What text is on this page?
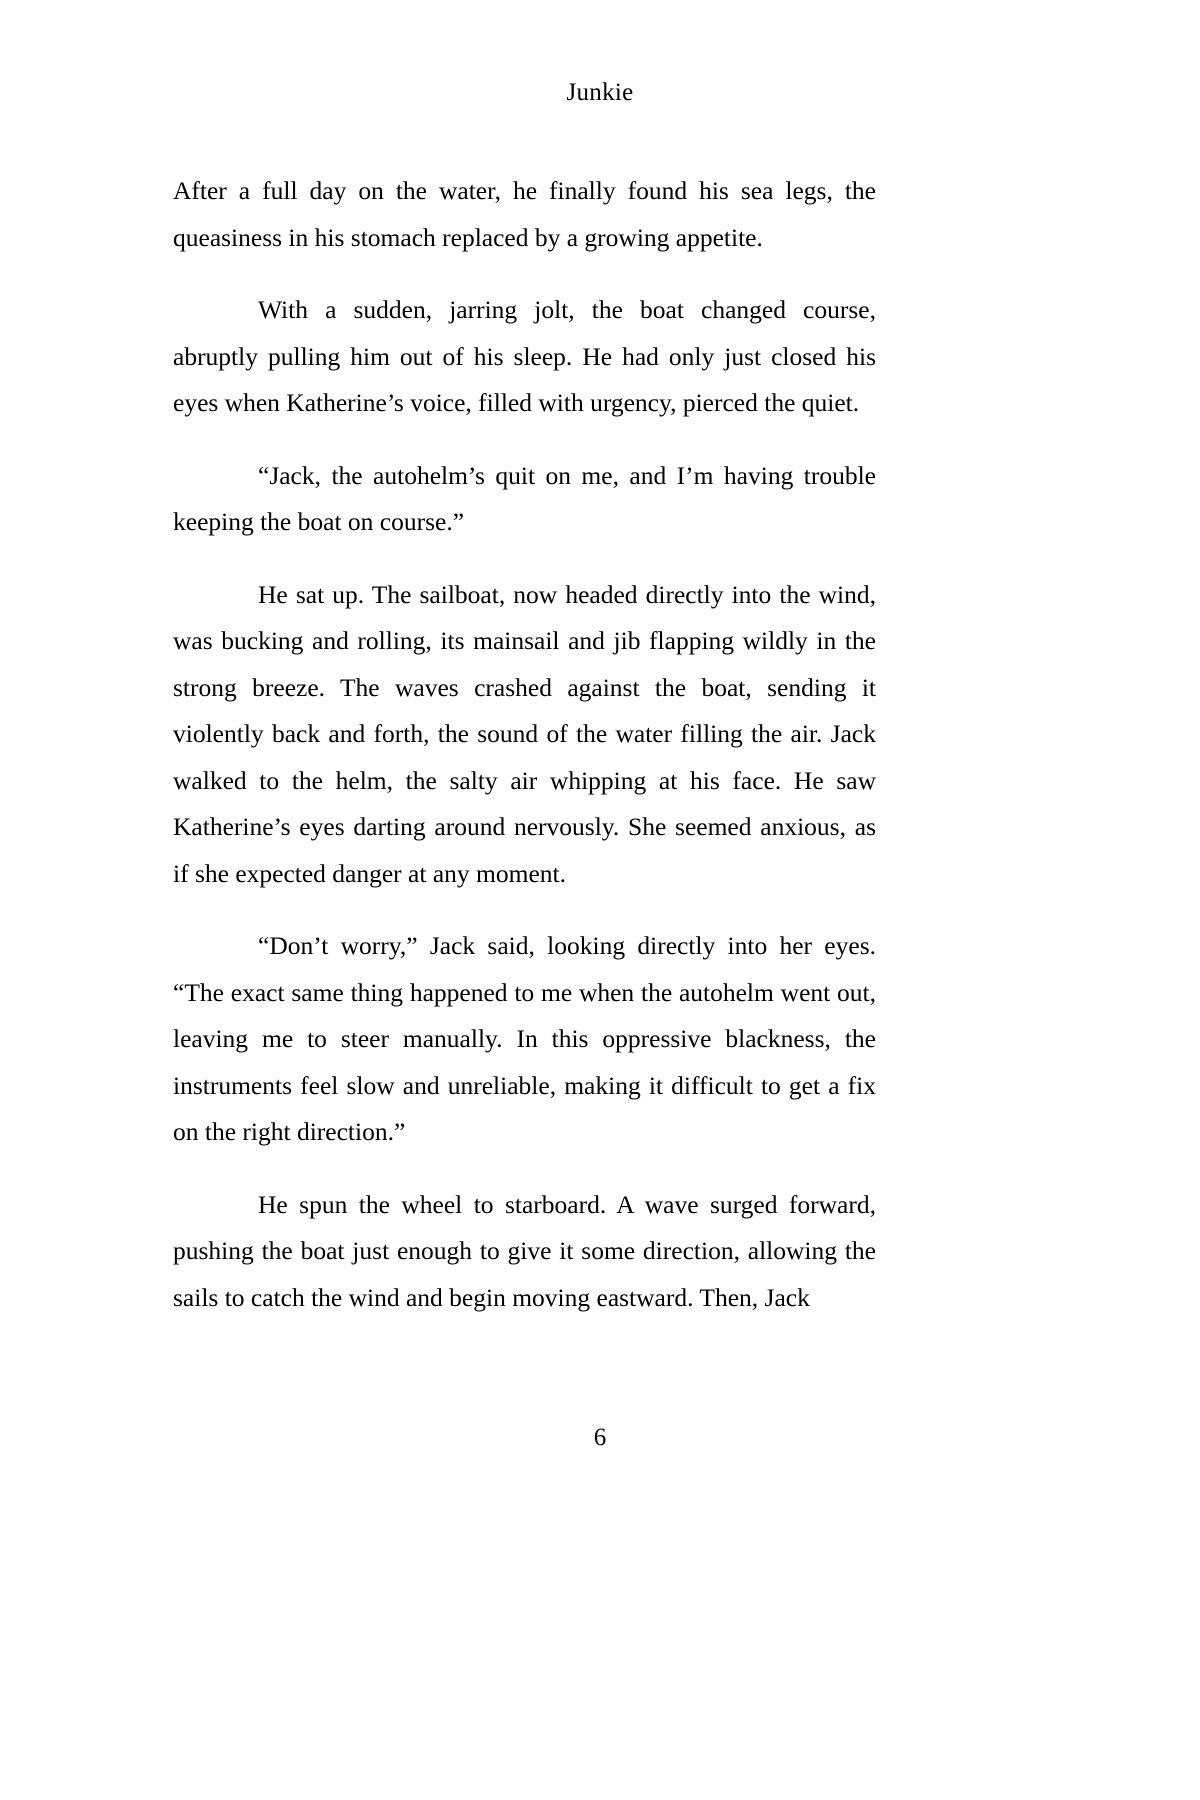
Junkie

After a full day on the water, he finally found his sea legs, the queasiness in his stomach replaced by a growing appetite.

With a sudden, jarring jolt, the boat changed course, abruptly pulling him out of his sleep. He had only just closed his eyes when Katherine’s voice, filled with urgency, pierced the quiet.

“Jack, the autohelm’s quit on me, and I’m having trouble keeping the boat on course.”

He sat up. The sailboat, now headed directly into the wind, was bucking and rolling, its mainsail and jib flapping wildly in the strong breeze. The waves crashed against the boat, sending it violently back and forth, the sound of the water filling the air. Jack walked to the helm, the salty air whipping at his face. He saw Katherine’s eyes darting around nervously. She seemed anxious, as if she expected danger at any moment.

“Don’t worry,” Jack said, looking directly into her eyes. “The exact same thing happened to me when the autohelm went out, leaving me to steer manually. In this oppressive blackness, the instruments feel slow and unreliable, making it difficult to get a fix on the right direction.”

He spun the wheel to starboard. A wave surged forward, pushing the boat just enough to give it some direction, allowing the sails to catch the wind and begin moving eastward. Then, Jack

6
